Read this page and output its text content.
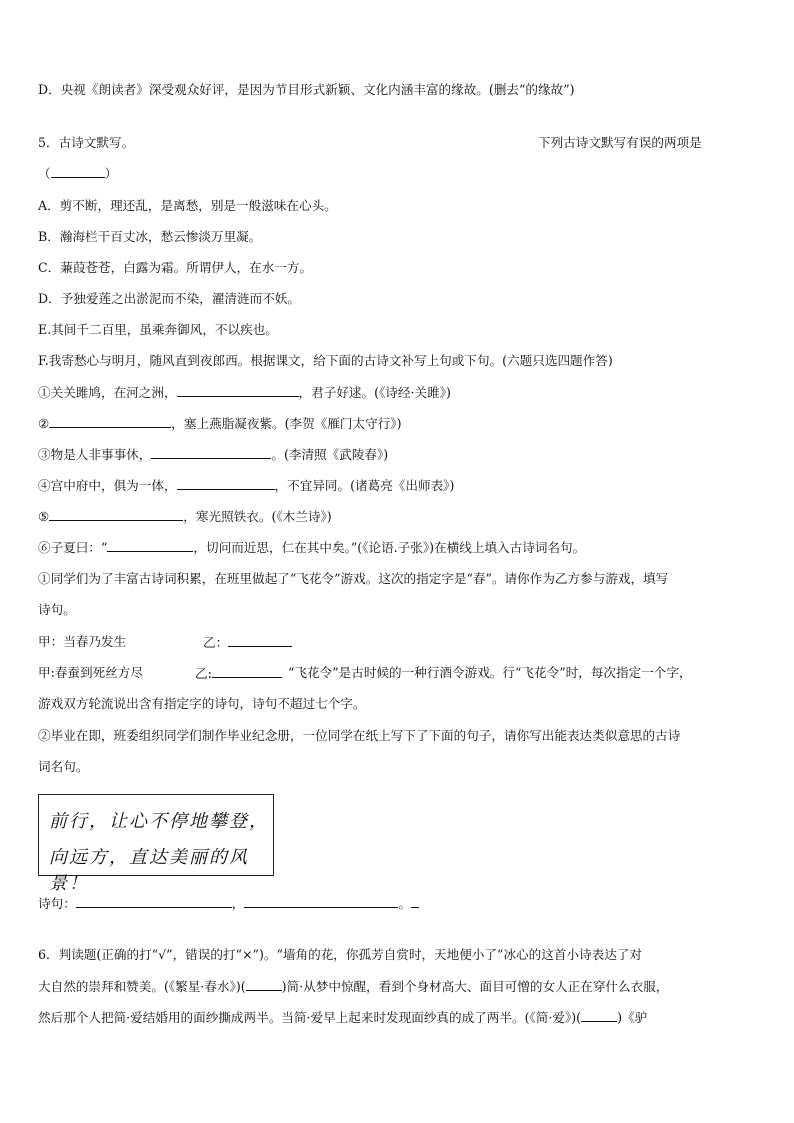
D．央视《朗读者》深受观众好评，是因为节目形式新颖、文化内涵丰富的缘故。(删去“的缘故”)
5．古诗文默写。	下列古诗文默写有误的两项是
（	）
A．剪不断，理还乱，是离愁，别是一般滋味在心头。
B．瀚海栏干百丈冰，愁云惨淡万里凝。
C．蒹葭苍苍，白露为霜。所谓伊人，在水一方。
D．予独爱莲之出淤泥而不染，濯清涟而不妖。
E.其间千二百里，虽乘奔御风，不以疾也。
F.我寄愁心与明月，随风直到夜郎西。根据课文，给下面的古诗文补写上句或下句。(六题只选四题作答)
①关关雎鸠，在河之洲，	，君子好逑。(《诗经·关雎》)
②	，塞上燕脂凝夜紫。(李贺《雁门太守行》)
③物是人非事事休，	。(李清照《武陵春》)
④宫中府中，俱为一体，	，不宜异同。(诸葛亮《出师表》)
⑤	，寒光照铁衣。(《木兰诗》)
⑥子夏曰：“	，切问而近思，仁在其中矣。”(《论语.子张》)在横线上填入古诗词名句。
①同学们为了丰富古诗词积累，在班里做起了“飞花令”游戏。这次的指定字是“春”。请你作为乙方参与游戏，填写
诗句。
甲：当春乃发生	乙：
甲:春蚕到死丝方尽	乙:	“飞花令”是古时候的一种行酒令游戏。行“飞花令”时，每次指定一个字，
游戏双方轮流说出含有指定字的诗句，诗句不超过七个字。
②毕业在即，班委组织同学们制作毕业纪念册，一位同学在纸上写下了下面的句子，请你写出能表达类似意思的古诗
词名句。
前行，让心不停地攀登，
向远方，直达美丽的风景！
诗句：	，	。
6．判读题(正确的打“√”，错误的打“×”)。“墙角的花，你孤芳自赏时，天地便小了”冰心的这首小诗表达了对
大自然的崇拜和赞美。(《繁星·春水》)(	)简·从梦中惊醒，看到个身材高大、面目可憎的女人正在穿什么衣服，
然后那个人把简·爱结婚用的面纱撕成两半。当简·爱早上起来时发现面纱真的成了两半。(《简·爱》)(	)《驴
